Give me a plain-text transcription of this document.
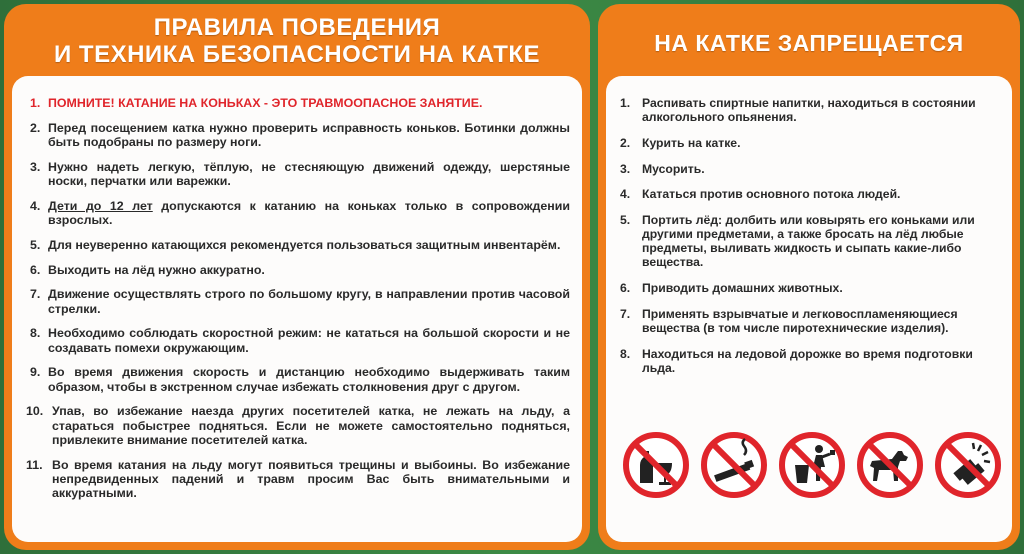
ПРАВИЛА ПОВЕДЕНИЯ
И ТЕХНИКА БЕЗОПАСНОСТИ НА КАТКЕ
1. ПОМНИТЕ! КАТАНИЕ НА КОНЬКАХ - ЭТО ТРАВМООПАСНОЕ ЗАНЯТИЕ.
2. Перед посещением катка нужно проверить исправность коньков. Ботинки должны быть подобраны по размеру ноги.
3. Нужно надеть легкую, тёплую, не стесняющую движений одежду, шерстяные носки, перчатки или варежки.
4. Дети до 12 лет допускаются к катанию на коньках только в сопровождении взрослых.
5. Для неуверенно катающихся рекомендуется пользоваться защитным инвентарём.
6. Выходить на лёд нужно аккуратно.
7. Движение осуществлять строго по большому кругу, в направлении против часовой стрелки.
8. Необходимо соблюдать скоростной режим: не кататься на большой скорости и не создавать помехи окружающим.
9. Во время движения скорость и дистанцию необходимо выдерживать таким образом, чтобы в экстренном случае избежать столкновения друг с другом.
10. Упав, во избежание наезда других посетителей катка, не лежать на льду, а стараться побыстрее подняться. Если не можете самостоятельно подняться, привлеките внимание посетителей катка.
11. Во время катания на льду могут появиться трещины и выбоины. Во избежание непредвиденных падений и травм просим Вас быть внимательными и аккуратными.
НА КАТКЕ ЗАПРЕЩАЕТСЯ
1. Распивать спиртные напитки, находиться в состоянии алкогольного опьянения.
2. Курить на катке.
3. Мусорить.
4. Кататься против основного потока людей.
5. Портить лёд: долбить или ковырять его коньками или другими предметами, а также бросать на лёд любые предметы, выливать жидкость и сыпать какие-либо вещества.
6. Приводить домашних животных.
7. Применять взрывчатые и легковоспламеняющиеся вещества (в том числе пиротехнические изделия).
8. Находиться на ледовой дорожке во время подготовки льда.
